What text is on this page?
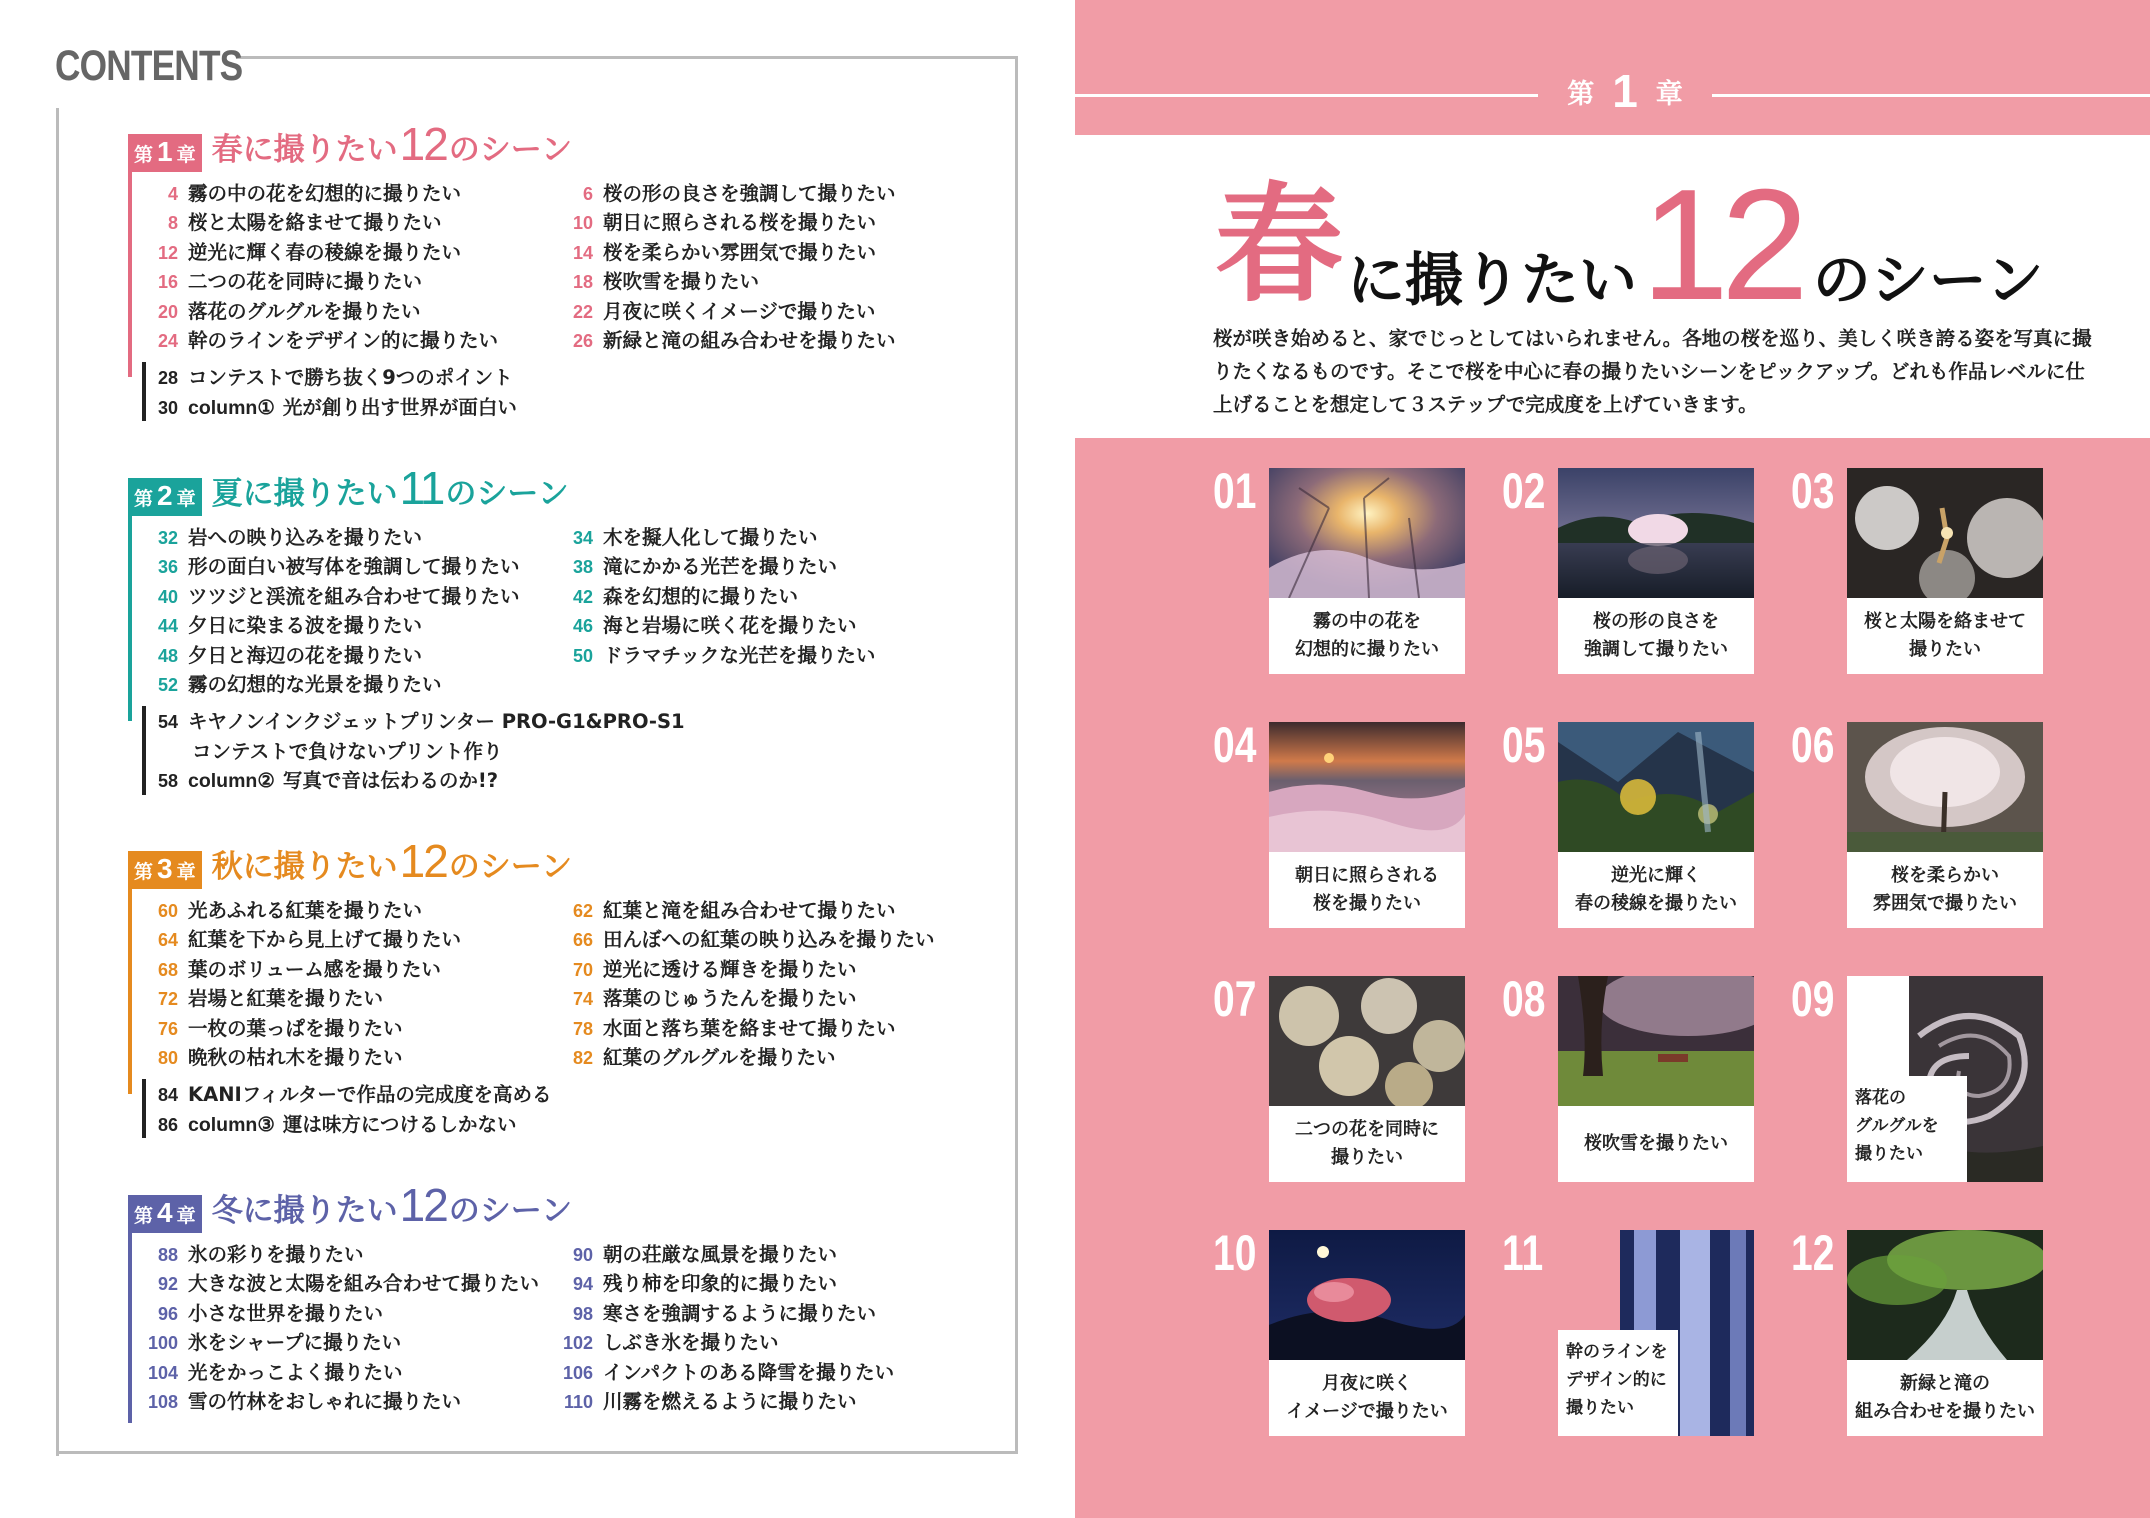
CONTENTS
第 1 章 春に撮りたい12のシーン
4 霧の中の花を幻想的に撮りたい
8 桜と太陽を絡ませて撮りたい
12 逆光に輝く春の稜線を撮りたい
16 二つの花を同時に撮りたい
20 落花のグルグルを撮りたい
24 幹のラインをデザイン的に撮りたい
6 桜の形の良さを強調して撮りたい
10 朝日に照らされる桜を撮りたい
14 桜を柔らかい雰囲気で撮りたい
18 桜吹雪を撮りたい
22 月夜に咲くイメージで撮りたい
26 新緑と滝の組み合わせを撮りたい
28 コンテストで勝ち抜く9つのポイント
30 column① 光が創り出す世界が面白い
第 2 章 夏に撮りたい11のシーン
32 岩への映り込みを撮りたい
36 形の面白い被写体を強調して撮りたい
40 ツツジと渓流を組み合わせて撮りたい
44 夕日に染まる波を撮りたい
48 夕日と海辺の花を撮りたい
52 霧の幻想的な光景を撮りたい
34 木を擬人化して撮りたい
38 滝にかかる光芒を撮りたい
42 森を幻想的に撮りたい
46 海と岩場に咲く花を撮りたい
50 ドラマチックな光芒を撮りたい
54 キヤノンインクジェットプリンター PRO-G1&PRO-S1
コンテストで負けないプリント作り
58 column② 写真で音は伝わるのか!?
第 3 章 秋に撮りたい12のシーン
60 光あふれる紅葉を撮りたい
64 紅葉を下から見上げて撮りたい
68 葉のボリューム感を撮りたい
72 岩場と紅葉を撮りたい
76 一枚の葉っぱを撮りたい
80 晩秋の枯れ木を撮りたい
62 紅葉と滝を組み合わせて撮りたい
66 田んぼへの紅葉の映り込みを撮りたい
70 逆光に透ける輝きを撮りたい
74 落葉のじゅうたんを撮りたい
78 水面と落ち葉を絡ませて撮りたい
82 紅葉のグルグルを撮りたい
84 KANIフィルターで作品の完成度を高める
86 column③ 運は味方につけるしかない
第 4 章 冬に撮りたい12のシーン
88 氷の彩りを撮りたい
92 大きな波と太陽を組み合わせて撮りたい
96 小さな世界を撮りたい
100 氷をシャープに撮りたい
104 光をかっこよく撮りたい
108 雪の竹林をおしゃれに撮りたい
90 朝の荘厳な風景を撮りたい
94 残り柿を印象的に撮りたい
98 寒さを強調するように撮りたい
102 しぶき氷を撮りたい
106 インパクトのある降雪を撮りたい
110 川霧を燃えるように撮りたい
第 1 章
春 に撮りたい 12 のシーン
桜が咲き始めると、家でじっとしてはいられません。各地の桜を巡り、美しく咲き誇る姿を写真に撮りたくなるものです。そこで桜を中心に春の撮りたいシーンをピックアップ。どれも作品レベルに仕上げることを想定して３ステップで完成度を上げていきます。
01
霧の中の花を
幻想的に撮りたい
02
桜の形の良さを
強調して撮りたい
03
桜と太陽を絡ませて
撮りたい
04
朝日に照らされる
桜を撮りたい
05
逆光に輝く
春の稜線を撮りたい
06
桜を柔らかい
雰囲気で撮りたい
07
二つの花を同時に
撮りたい
08
桜吹雪を撮りたい
09
落花の
グルグルを
撮りたい
10
月夜に咲く
イメージで撮りたい
11
幹のラインを
デザイン的に
撮りたい
12
新緑と滝の
組み合わせを撮りたい
